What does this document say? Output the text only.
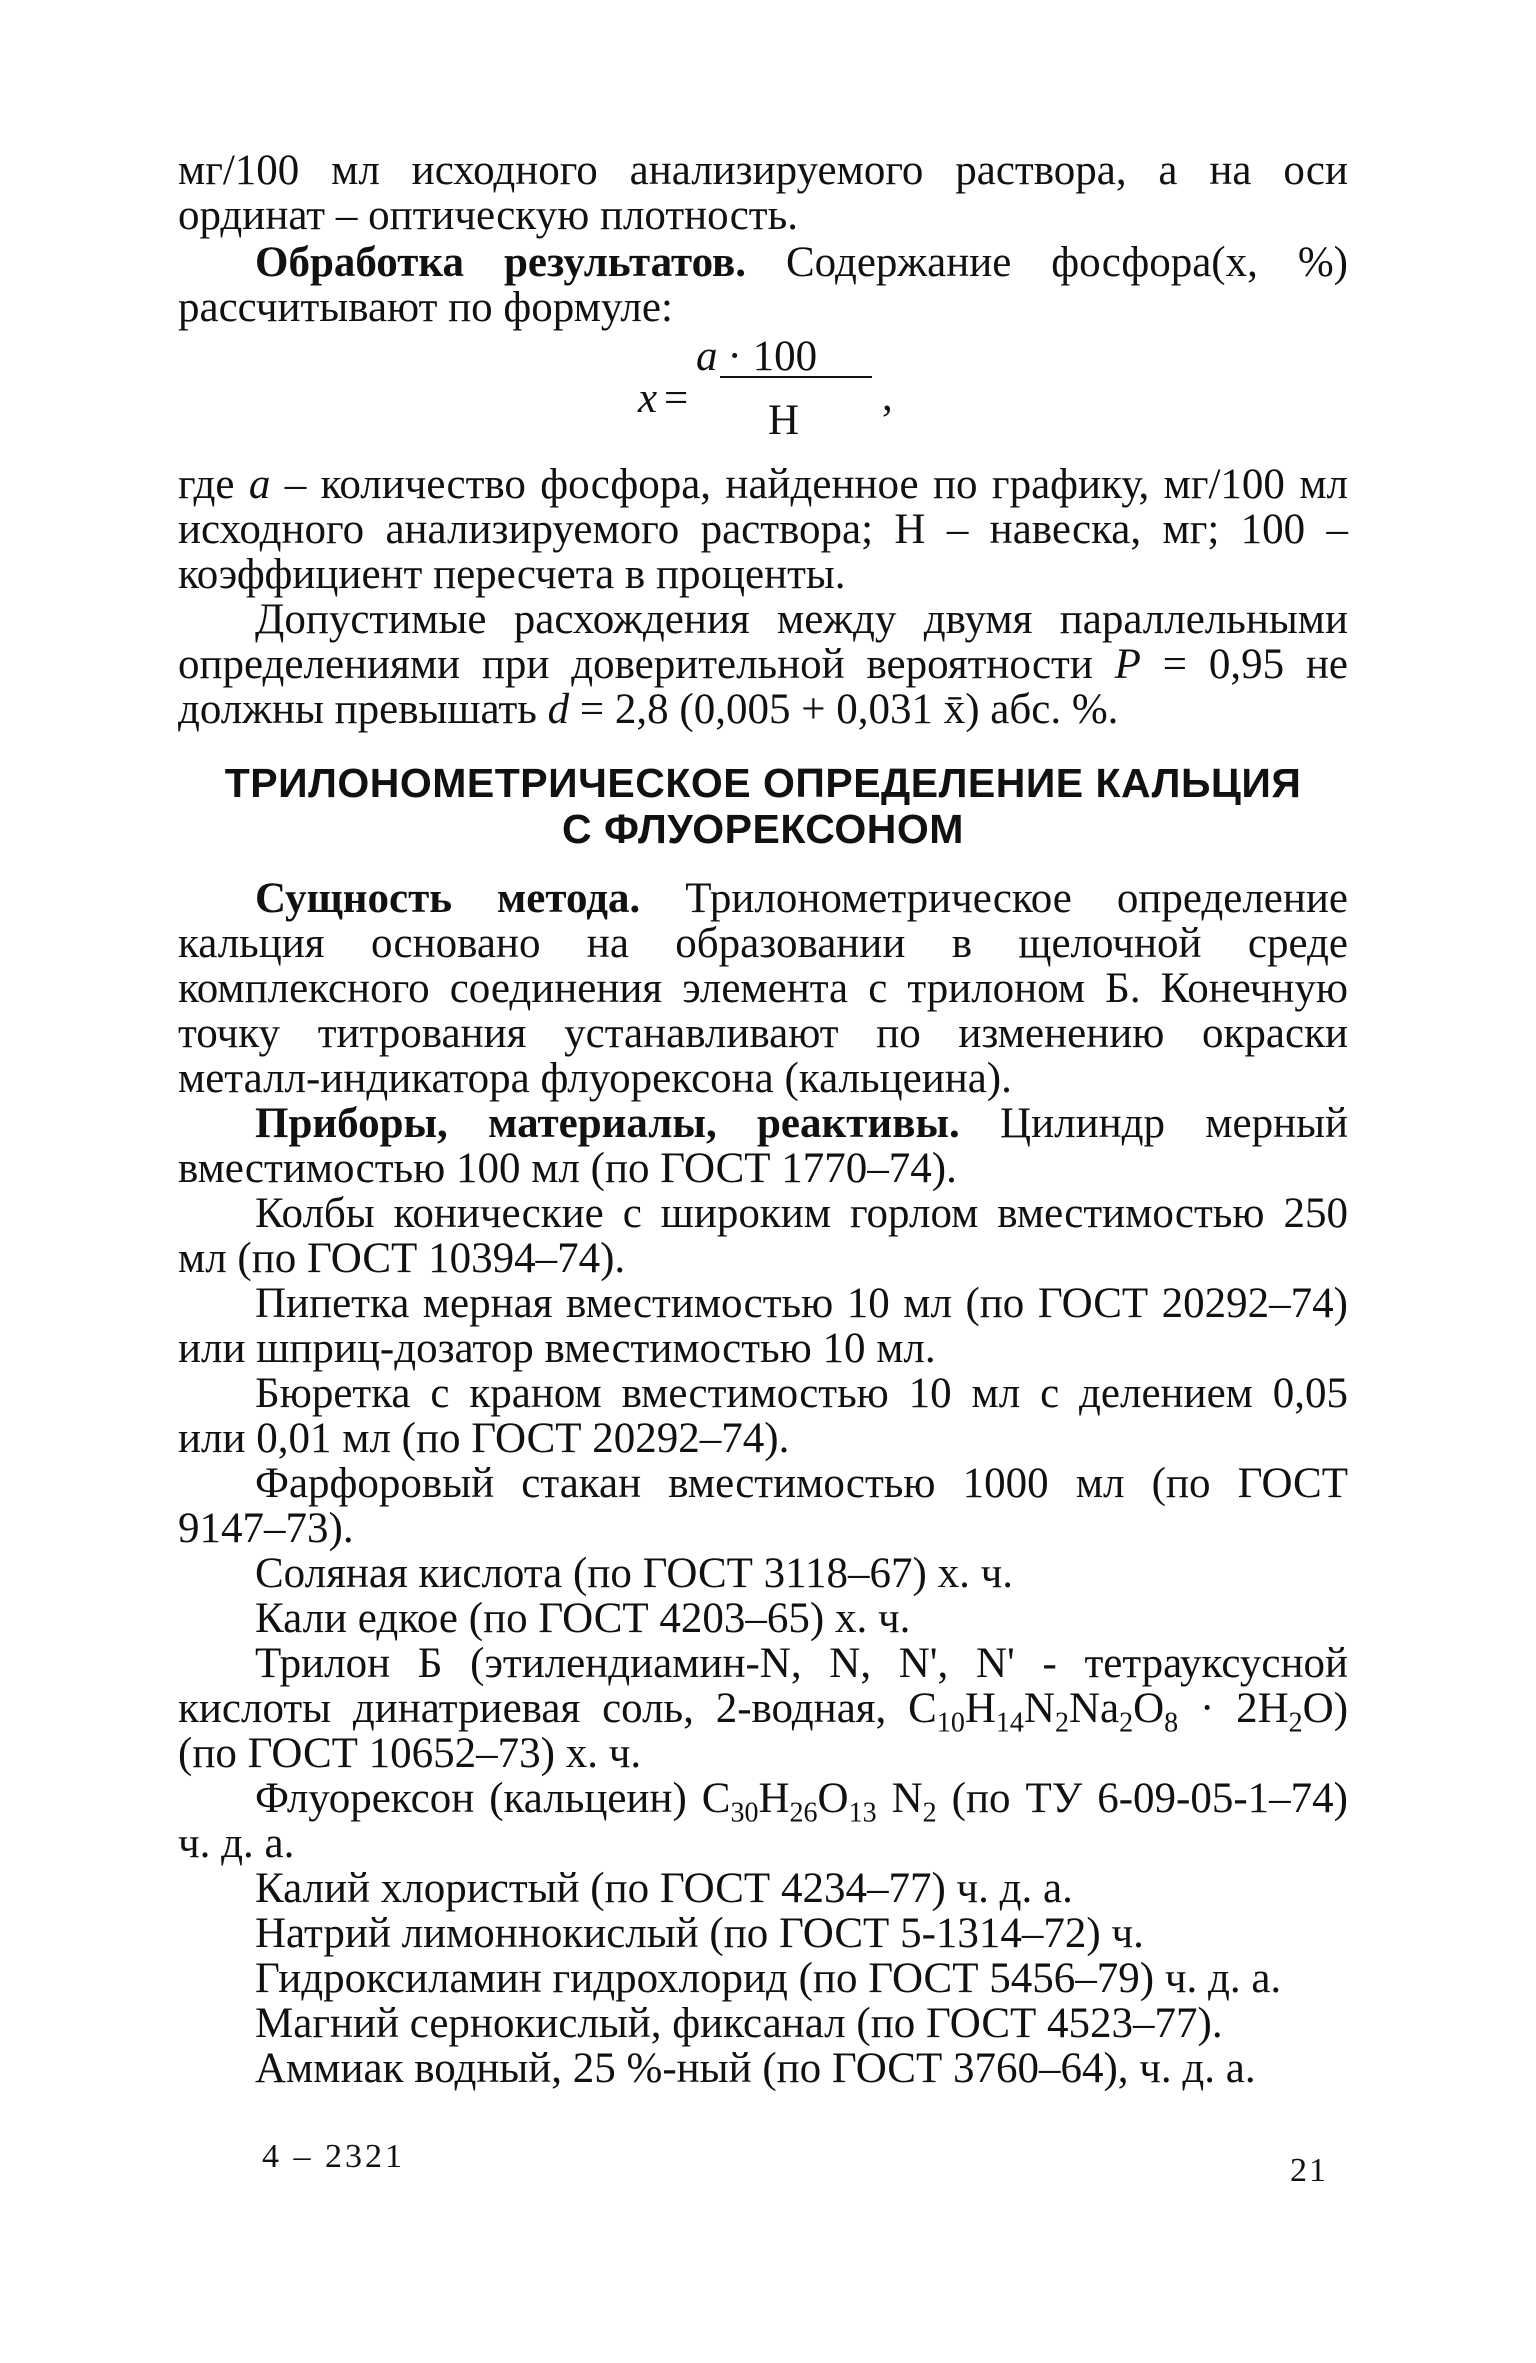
мг/100 мл исходного анализируемого раствора, а на оси ординат – оптическую плотность.

Обработка результатов. Содержание фосфора(x, %) рассчитывают по формуле:

x =
a · 100
Н
,

где а – количество фосфора, найденное по графику, мг/100 мл исходного анализируемого раствора; Н – навеска, мг; 100 – коэффициент пересчета в проценты.

Допустимые расхождения между двумя параллельными определениями при доверительной вероятности Р = 0,95 не должны превышать d = 2,8 (0,005 + 0,031 x̄) абс. %.

ТРИЛОНОМЕТРИЧЕСКОЕ ОПРЕДЕЛЕНИЕ КАЛЬЦИЯ
С ФЛУОРЕКСОНОМ

Сущность метода. Трилонометрическое определение кальция основано на образовании в щелочной среде комплексного соединения элемента с трилоном Б. Конечную точку титрования устанавливают по изменению окраски металл-индикатора флуорексона (кальцеина).

Приборы, материалы, реактивы. Цилиндр мерный вместимостью 100 мл (по ГОСТ 1770–74).

Колбы конические с широким горлом вместимостью 250 мл (по ГОСТ 10394–74).

Пипетка мерная вместимостью 10 мл (по ГОСТ 20292–74) или шприц-дозатор вместимостью 10 мл.

Бюретка с краном вместимостью 10 мл с делением 0,05 или 0,01 мл (по ГОСТ 20292–74).

Фарфоровый стакан вместимостью 1000 мл (по ГОСТ 9147–73).

Соляная кислота (по ГОСТ 3118–67) х. ч.

Кали едкое (по ГОСТ 4203–65) х. ч.

Трилон Б (этилендиамин-N, N, N', N' - тетрауксусной кислоты динатриевая соль, 2-водная, $C_{10}H_{14}N_2Na_2O_8 \cdot 2H_2O$) (по ГОСТ 10652–73) х. ч.

Флуорексон (кальцеин) $C_{30}H_{26}O_{13}$ $N_2$ (по ТУ 6-09-05-1–74) ч. д. а.

Калий хлористый (по ГОСТ 4234–77) ч. д. а.

Натрий лимоннокислый (по ГОСТ 5-1314–72) ч.

Гидроксиламин гидрохлорид (по ГОСТ 5456–79) ч. д. а.

Магний сернокислый, фиксанал (по ГОСТ 4523–77).

Аммиак водный, 25 %-ный (по ГОСТ 3760–64), ч. д. а.

4 – 2321	21
